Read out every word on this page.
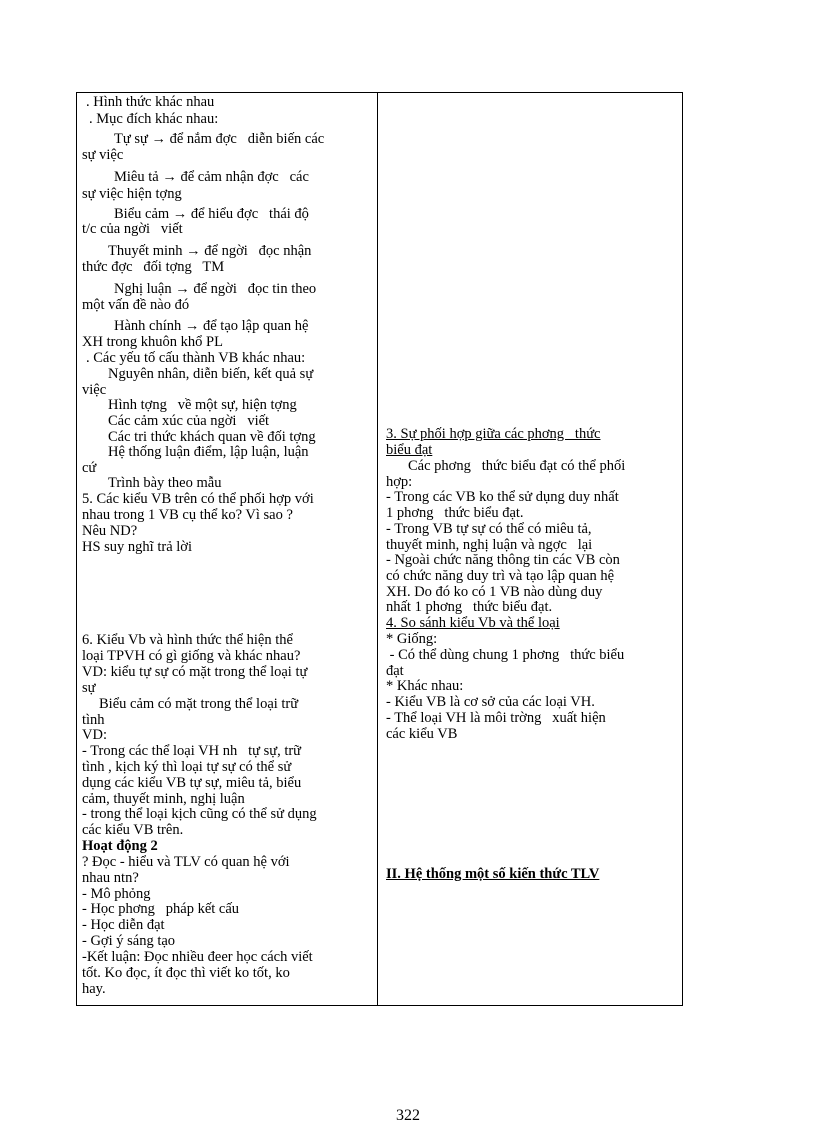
. Hình thức khác nhau
. Mục đích khác nhau:
Tự sự → để nắm đợc   diễn biến các
sự việc
Miêu tả → để cảm nhận đợc   các
sự việc hiện tợng
Biểu cảm → để hiểu đợc   thái độ
t/c của ngời   viết
Thuyết minh → để ngời   đọc nhận
thức đợc   đối tợng   TM
Nghị luận → để ngời   đọc tin theo
một vấn đề nào đó
Hành chính → để tạo lập quan hệ
XH trong khuôn khổ PL
. Các yếu tố cấu thành VB khác nhau:
Nguyên nhân, diễn biến, kết quả sự
việc
Hình tợng   về một sự, hiện tợng
Các cảm xúc của ngời   viết
Các tri thức khách quan về đối tợng
Hệ thống luận điểm, lập luận, luận
cứ
Trình bày theo mẫu
5. Các kiểu VB trên có thể phối hợp với
nhau trong 1 VB cụ thể ko? Vì sao ?
Nêu ND?
HS suy nghĩ trả lời
6. Kiểu Vb và hình thức thể hiện thể
loại TPVH có gì giống và khác nhau?
VD: kiểu tự sự có mặt trong thể loại tự
sự
Biểu cảm có mặt trong thể loại trữ
tình
VD:
- Trong các thể loại VH nh   tự sự, trữ
tình , kịch ký thì loại tự sự có thể sử
dụng các kiểu VB tự sự, miêu tả, biểu
cảm, thuyết minh, nghị luận
- trong thể loại kịch cũng có thể sử dụng
các kiểu VB trên.
Hoạt động 2
? Đọc - hiểu và TLV có quan hệ với
nhau ntn?
- Mô phỏng
- Học phơng   pháp kết cấu
- Học diễn đạt
- Gợi ý sáng tạo
-Kết luận: Đọc nhiều đeer học cách viết
tốt. Ko đọc, ít đọc thì viết ko tốt, ko
hay.
3. Sự phối hợp giữa các phơng   thức
biểu đạt
Các phơng   thức biểu đạt có thể phối
hợp:
- Trong các VB ko thể sử dụng duy nhất
1 phơng   thức biểu đạt.
- Trong VB tự sự có thể có miêu tả,
thuyết minh, nghị luận và ngợc   lại
- Ngoài chức năng thông tin các VB còn
có chức năng duy trì và tạo lập quan hệ
XH. Do đó ko có 1 VB nào dùng duy
nhất 1 phơng   thức biểu đạt.
4. So sánh kiểu Vb và thể loại
* Giống:
- Có thể dùng chung 1 phơng   thức biểu
đạt
* Khác nhau:
- Kiểu VB là cơ sở của các loại VH.
- Thể loại VH là môi trờng   xuất hiện
các kiểu VB
II. Hệ thống một số kiến thức TLV
322
